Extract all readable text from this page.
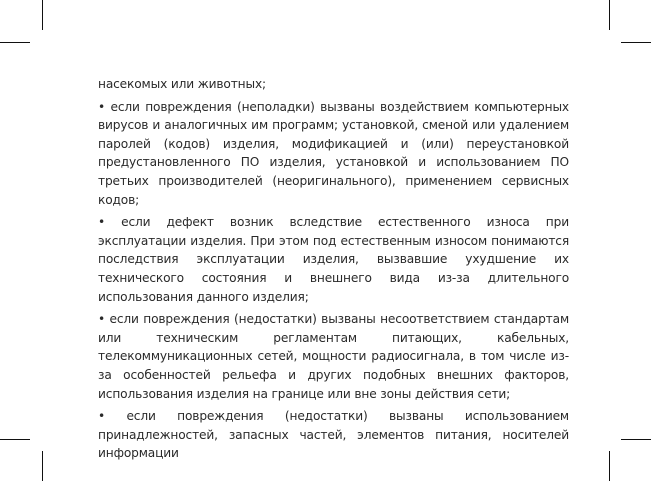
насекомых или животных;

• если повреждения (неполадки) вызваны воздействием компьютерных вирусов и аналогичных им программ; установкой, сменой или удалением паролей (кодов) изделия, модификацией и (или) переустановкой предустановленного ПО изделия, установкой и использованием ПО третьих производителей (неоригинального), применением сервисных кодов;

• если дефект возник вследствие естественного износа при эксплуатации изделия. При этом под естественным износом понимаются последствия эксплуатации изделия, вызвавшие ухудшение их технического состояния и внешнего вида из-за длительного использования данного изделия;

• если повреждения (недостатки) вызваны несоответствием стандартам или техническим регламентам питающих, кабельных, телекоммуникационных сетей, мощности радиосигнала, в том числе из-за особенностей рельефа и других подобных внешних факторов, использования изделия на границе или вне зоны действия сети;

• если повреждения (недостатки) вызваны использованием принадлежностей, запасных частей, элементов питания, носителей информации
